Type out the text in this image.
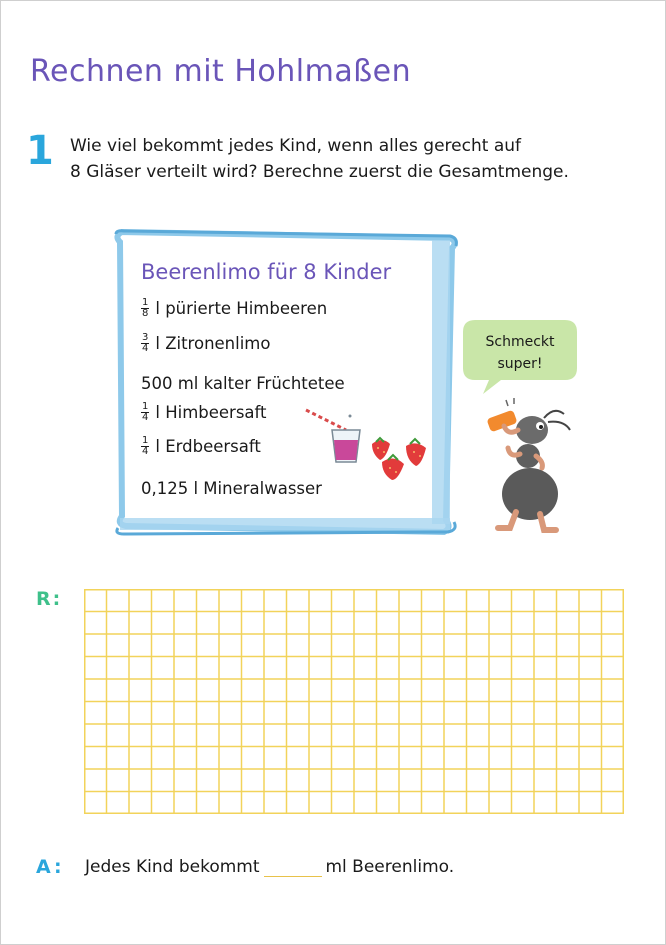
Rechnen mit Hohlmaßen
1 Wie viel bekommt jedes Kind, wenn alles gerecht auf
8 Gläser verteilt wird? Berechne zuerst die Gesamtmenge.
Beerenlimo für 8 Kinder
$\frac{1}{8}$ l pürierte Himbeeren
$\frac{3}{4}$ l Zitronenlimo
500 ml kalter Früchtetee
$\frac{1}{4}$ l Himbeersaft
$\frac{1}{4}$ l Erdbeersaft
0,125 l Mineralwasser
Schmeckt
super!
R:
A: Jedes Kind bekommt	ml Beerenlimo.
